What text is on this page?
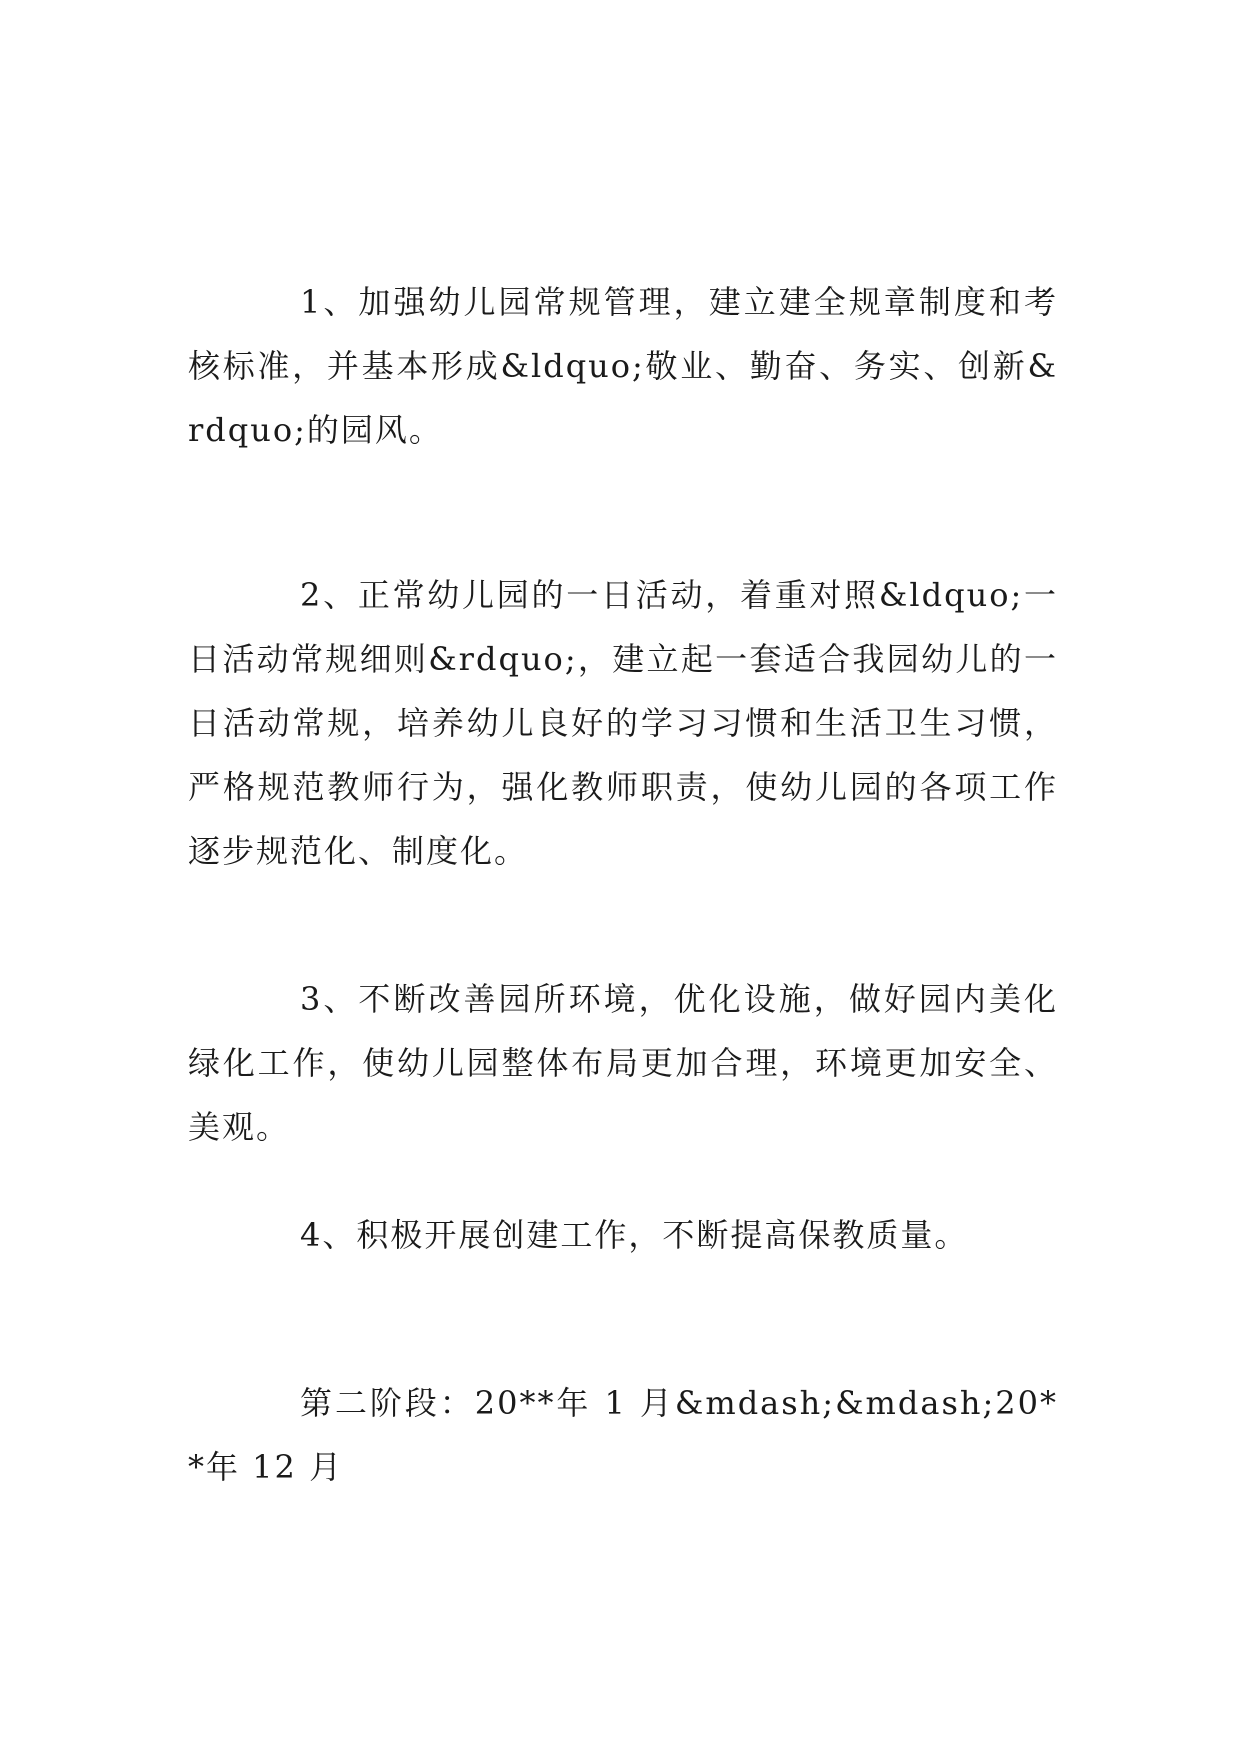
1、加强幼儿园常规管理，建立建全规章制度和考核标准，并基本形成&ldquo;敬业、勤奋、务实、创新&rdquo;的园风。

2、正常幼儿园的一日活动，着重对照&ldquo;一日活动常规细则&rdquo;，建立起一套适合我园幼儿的一日活动常规，培养幼儿良好的学习习惯和生活卫生习惯，严格规范教师行为，强化教师职责，使幼儿园的各项工作逐步规范化、制度化。

3、不断改善园所环境，优化设施，做好园内美化绿化工作，使幼儿园整体布局更加合理，环境更加安全、美观。

4、积极开展创建工作，不断提高保教质量。

第二阶段：20**年 1 月&mdash;&mdash;20**年 12 月
